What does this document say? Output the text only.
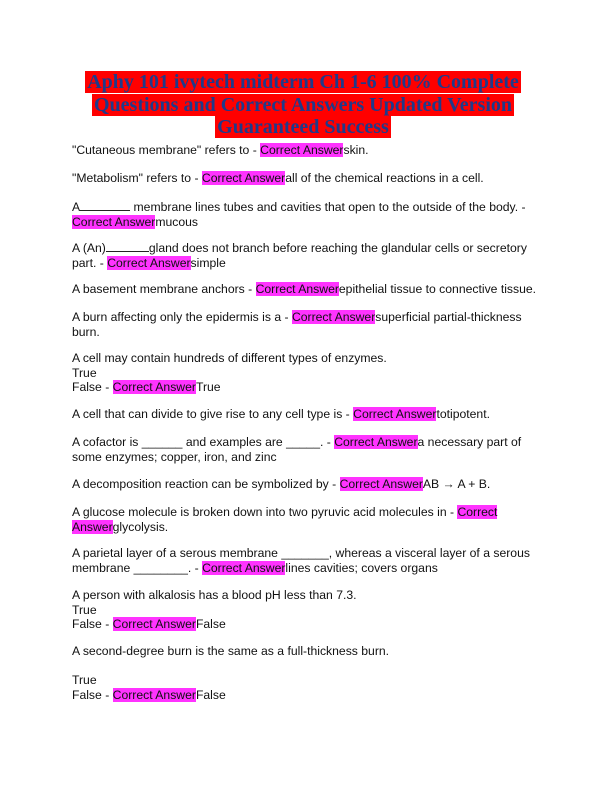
Aphy 101 ivytech midterm Ch 1-6 100% Complete
Questions and Correct Answers Updated Version
Guaranteed Success
"Cutaneous membrane" refers to - Correct Answerskin.
"Metabolism" refers to - Correct Answerall of the chemical reactions in a cell.
A	membrane lines tubes and cavities that open to the outside of the body. - Correct Answermucous
A (An)	gland does not branch before reaching the glandular cells or secretory part. - Correct Answersimple
A basement membrane anchors - Correct Answerepithelial tissue to connective tissue.
A burn affecting only the epidermis is a - Correct Answersuperficial partial-thickness burn.
A cell may contain hundreds of different types of enzymes.
True
False - Correct AnswerTrue
A cell that can divide to give rise to any cell type is - Correct Answertotipotent.
A cofactor is ______ and examples are _____. - Correct Answera necessary part of some enzymes; copper, iron, and zinc
A decomposition reaction can be symbolized by - Correct AnswerAB → A + B.
A glucose molecule is broken down into two pyruvic acid molecules in - Correct Answerglycolysis.
A parietal layer of a serous membrane _______, whereas a visceral layer of a serous membrane ________. - Correct Answerlines cavities; covers organs
A person with alkalosis has a blood pH less than 7.3.
True
False - Correct AnswerFalse
A second-degree burn is the same as a full-thickness burn.

True
False - Correct AnswerFalse
